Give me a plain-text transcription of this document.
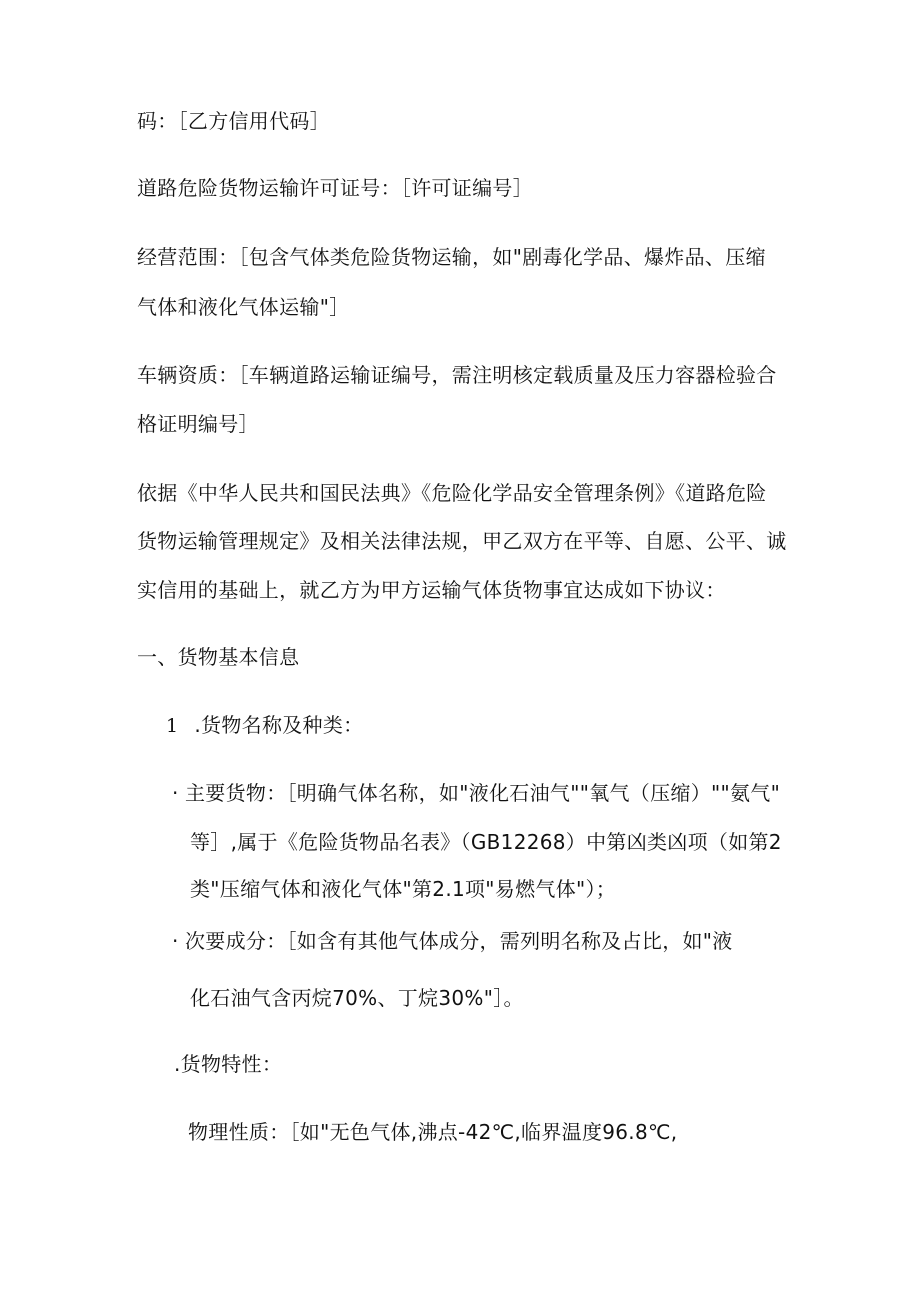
码：［乙方信用代码］
道路危险货物运输许可证号：［许可证编号］
经营范围：［包含气体类危险货物运输，如"剧毒化学品、爆炸品、压缩
气体和液化气体运输"］
车辆资质：［车辆道路运输证编号，需注明核定载质量及压力容器检验合
格证明编号］
依据《中华人民共和国民法典》《危险化学品安全管理条例》《道路危险
货物运输管理规定》及相关法律法规，甲乙双方在平等、自愿、公平、诚
实信用的基础上，就乙方为甲方运输气体货物事宜达成如下协议：
一、货物基本信息
1 .货物名称及种类：
· 主要货物：［明确气体名称，如"液化石油气""氧气（压缩）""氨气"
等］,属于《危险货物品名表》（GB12268）中第凶类凶项（如第2
类"压缩气体和液化气体"第2.1项"易燃气体"）；
· 次要成分：［如含有其他气体成分，需列明名称及占比，如"液
化石油气含丙烷70%、丁烷30%"］。
.货物特性：
物理性质：［如"无色气体,沸点-42℃,临界温度96.8℃,
